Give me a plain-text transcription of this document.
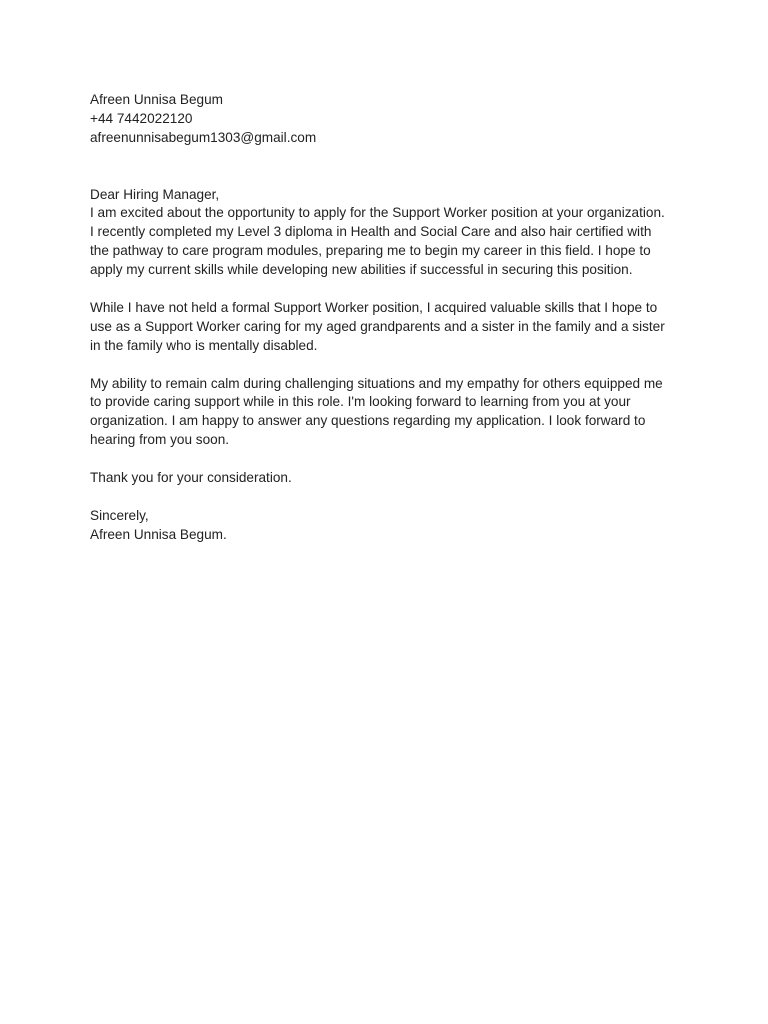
Afreen Unnisa Begum
+44 7442022120
afreenunnisabegum1303@gmail.com
Dear Hiring Manager,
I am excited about the opportunity to apply for the Support Worker position at your organization.
I recently completed my Level 3 diploma in Health and Social Care and also hair certified with
the pathway to care program modules, preparing me to begin my career in this field. I hope to
apply my current skills while developing new abilities if successful in securing this position.
While I have not held a formal Support Worker position, I acquired valuable skills that I hope to
use as a Support Worker caring for my aged grandparents and a sister in the family and a sister
in the family who is mentally disabled.
My ability to remain calm during challenging situations and my empathy for others equipped me
to provide caring support while in this role. I'm looking forward to learning from you at your
organization. I am happy to answer any questions regarding my application. I look forward to
hearing from you soon.
Thank you for your consideration.
Sincerely,
Afreen Unnisa Begum.
